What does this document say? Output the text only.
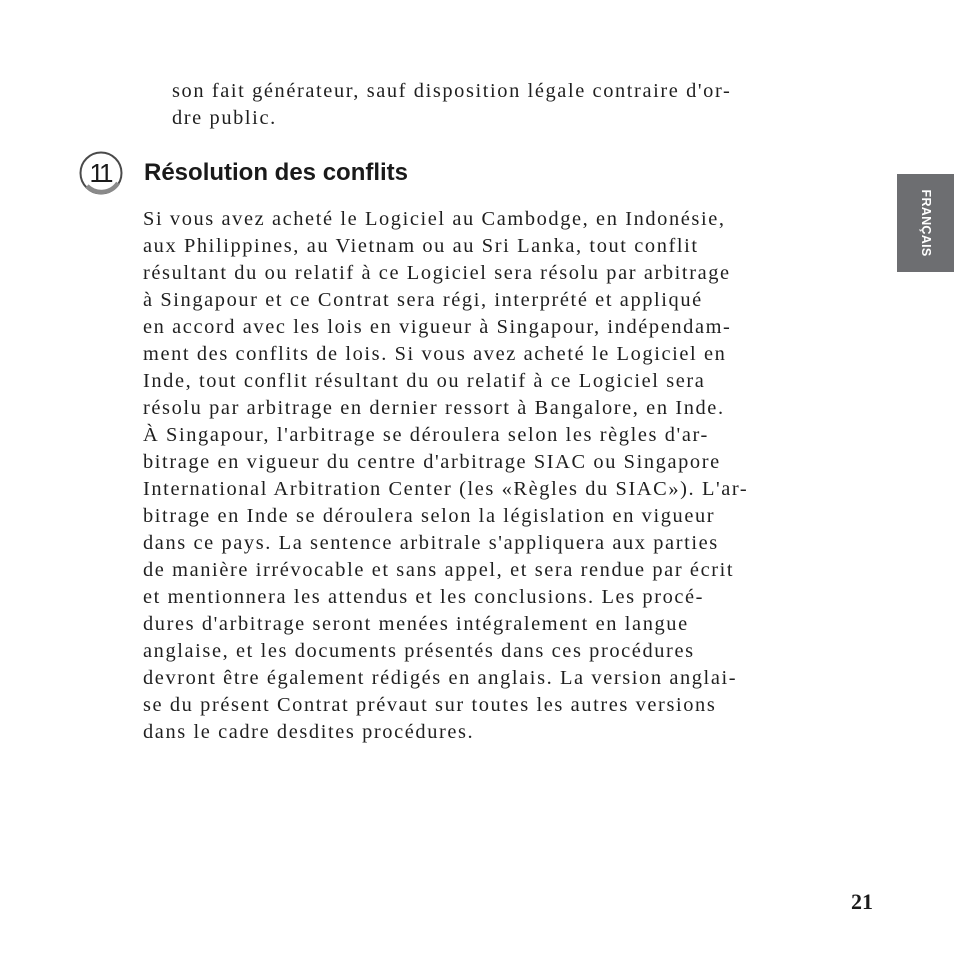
son fait générateur, sauf disposition légale contraire d'or-
dre public.
11 Résolution des conflits
Si vous avez acheté le Logiciel au Cambodge, en Indonésie,
aux Philippines, au Vietnam ou au Sri Lanka, tout conflit
résultant du ou relatif à ce Logiciel sera résolu par arbitrage
à Singapour et ce Contrat sera régi, interprété et appliqué
en accord avec les lois en vigueur à Singapour, indépendam-
ment des conflits de lois. Si vous avez acheté le Logiciel en
Inde, tout conflit résultant du ou relatif à ce Logiciel sera
résolu par arbitrage en dernier ressort à Bangalore, en Inde.
À Singapour, l'arbitrage se déroulera selon les règles d'ar-
bitrage en vigueur du centre d'arbitrage SIAC ou Singapore
International Arbitration Center (les «Règles du SIAC»). L'ar-
bitrage en Inde se déroulera selon la législation en vigueur
dans ce pays. La sentence arbitrale s'appliquera aux parties
de manière irrévocable et sans appel, et sera rendue par écrit
et mentionnera les attendus et les conclusions. Les procé-
dures d'arbitrage seront menées intégralement en langue
anglaise, et les documents présentés dans ces procédures
devront être également rédigés en anglais. La version anglai-
se du présent Contrat prévaut sur toutes les autres versions
dans le cadre desdites procédures.
FRANÇAIS
21
